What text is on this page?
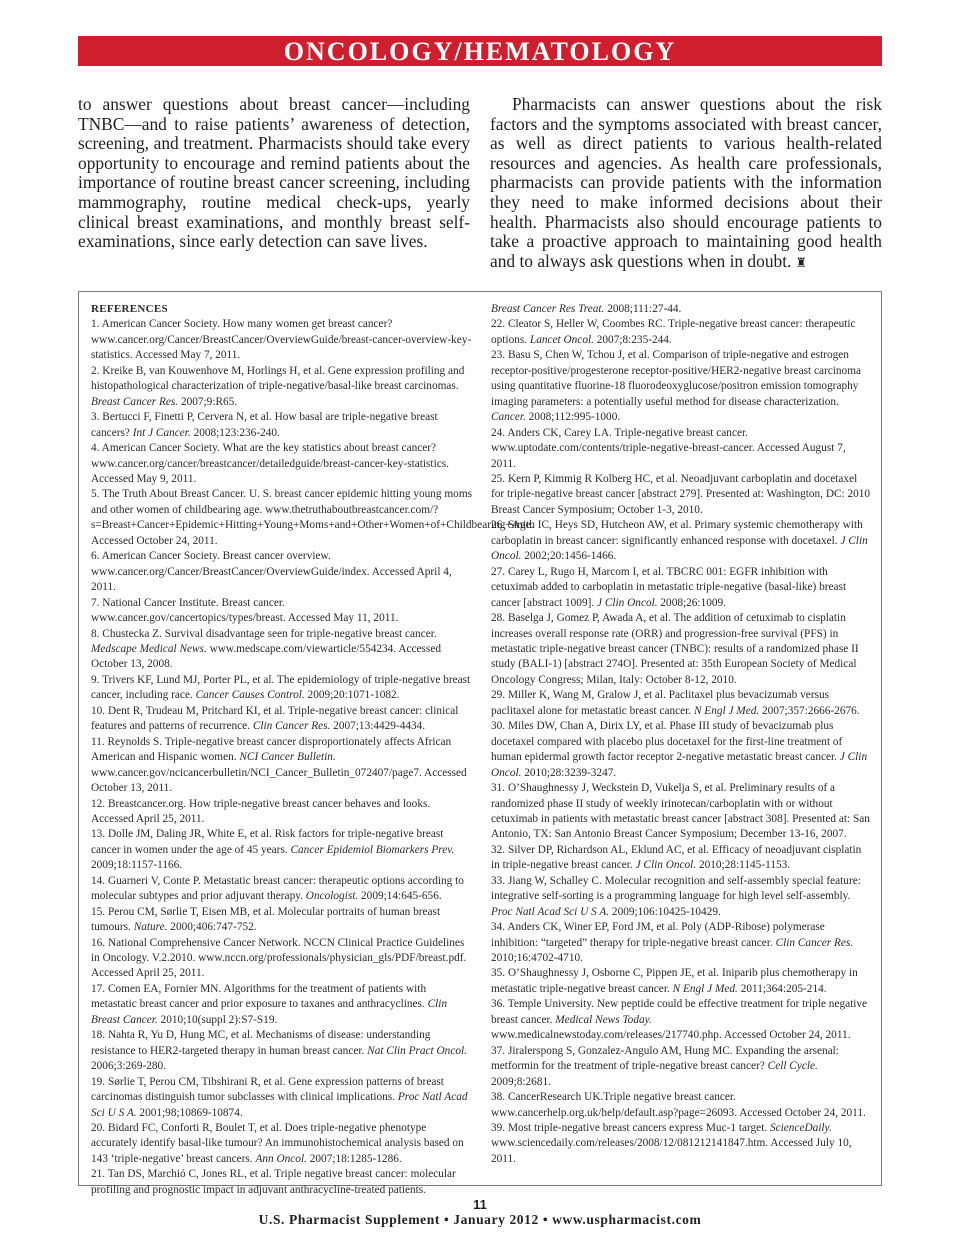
ONCOLOGY/HEMATOLOGY

to answer questions about breast cancer—including TNBC—and to raise patients’ awareness of detection, screening, and treatment. Pharmacists should take every opportunity to encourage and remind patients about the importance of routine breast cancer screening, including mammography, routine medical check-ups, yearly clinical breast examinations, and monthly breast self-examinations, since early detection can save lives.

Pharmacists can answer questions about the risk factors and the symptoms associated with breast cancer, as well as direct patients to various health-related resources and agencies. As health care professionals, pharmacists can provide patients with the information they need to make informed decisions about their health. Pharmacists also should encourage patients to take a proactive approach to maintaining good health and to always ask questions when in doubt. ♜

REFERENCES

1. American Cancer Society. How many women get breast cancer? www.cancer.org/Cancer/BreastCancer/OverviewGuide/breast-cancer-overview-key-statistics. Accessed May 7, 2011.

2. Kreike B, van Kouwenhove M, Horlings H, et al. Gene expression profiling and histopathological characterization of triple-negative/basal-like breast carcinomas. Breast Cancer Res. 2007;9:R65.

3. Bertucci F, Finetti P, Cervera N, et al. How basal are triple-negative breast cancers? Int J Cancer. 2008;123:236-240.

4. American Cancer Society. What are the key statistics about breast cancer? www.cancer.org/cancer/breastcancer/detailedguide/breast-cancer-key-statistics. Accessed May 9, 2011.

5. The Truth About Breast Cancer. U. S. breast cancer epidemic hitting young moms and other women of childbearing age. www.thetruthaboutbreastcancer.com/?s=Breast+Cancer+Epidemic+Hitting+Young+Moms+and+Other+Women+of+Childbearing+Age. Accessed October 24, 2011.

6. American Cancer Society. Breast cancer overview. www.cancer.org/Cancer/BreastCancer/OverviewGuide/index. Accessed April 4, 2011.

7. National Cancer Institute. Breast cancer. www.cancer.gov/cancertopics/types/breast. Accessed May 11, 2011.

8. Chustecka Z. Survival disadvantage seen for triple-negative breast cancer. Medscape Medical News. www.medscape.com/viewarticle/554234. Accessed October 13, 2008.

9. Trivers KF, Lund MJ, Porter PL, et al. The epidemiology of triple-negative breast cancer, including race. Cancer Causes Control. 2009;20:1071-1082.

10. Dent R, Trudeau M, Pritchard KI, et al. Triple-negative breast cancer: clinical features and patterns of recurrence. Clin Cancer Res. 2007;13:4429-4434.

11. Reynolds S. Triple-negative breast cancer disproportionately affects African American and Hispanic women. NCI Cancer Bulletin. www.cancer.gov/ncicancerbulletin/NCI_Cancer_Bulletin_072407/page7. Accessed October 13, 2011.

12. Breastcancer.org. How triple-negative breast cancer behaves and looks. Accessed April 25, 2011.

13. Dolle JM, Daling JR, White E, et al. Risk factors for triple-negative breast cancer in women under the age of 45 years. Cancer Epidemiol Biomarkers Prev. 2009;18:1157-1166.

14. Guarneri V, Conte P. Metastatic breast cancer: therapeutic options according to molecular subtypes and prior adjuvant therapy. Oncologist. 2009;14:645-656.

15. Perou CM, Sørlie T, Eisen MB, et al. Molecular portraits of human breast tumours. Nature. 2000;406:747-752.

16. National Comprehensive Cancer Network. NCCN Clinical Practice Guidelines in Oncology. V.2.2010. www.nccn.org/professionals/physician_gls/PDF/breast.pdf. Accessed April 25, 2011.

17. Comen EA, Fornier MN. Algorithms for the treatment of patients with metastatic breast cancer and prior exposure to taxanes and anthracyclines. Clin Breast Cancer. 2010;10(suppl 2):S7-S19.

18. Nahta R, Yu D, Hung MC, et al. Mechanisms of disease: understanding resistance to HER2-targeted therapy in human breast cancer. Nat Clin Pract Oncol. 2006;3:269-280.

19. Sørlie T, Perou CM, Tibshirani R, et al. Gene expression patterns of breast carcinomas distinguish tumor subclasses with clinical implications. Proc Natl Acad Sci U S A. 2001;98;10869-10874.

20. Bidard FC, Conforti R, Boulet T, et al. Does triple-negative phenotype accurately identify basal-like tumour? An immunohistochemical analysis based on 143 ‘triple-negative’ breast cancers. Ann Oncol. 2007;18:1285-1286.

21. Tan DS, Marchió C, Jones RL, et al. Triple negative breast cancer: molecular profiling and prognostic impact in adjuvant anthracycline-treated patients.

Breast Cancer Res Treat. 2008;111:27-44.

22. Cleator S, Heller W, Coombes RC. Triple-negative breast cancer: therapeutic options. Lancet Oncol. 2007;8:235-244.

23. Basu S, Chen W, Tchou J, et al. Comparison of triple-negative and estrogen receptor-positive/progesterone receptor-positive/HER2-negative breast carcinoma using quantitative fluorine-18 fluorodeoxyglucose/positron emission tomography imaging parameters: a potentially useful method for disease characterization. Cancer. 2008;112:995-1000.

24. Anders CK, Carey LA. Triple-negative breast cancer. www.uptodate.com/contents/triple-negative-breast-cancer. Accessed August 7, 2011.

25. Kern P, Kimmig R Kolberg HC, et al. Neoadjuvant carboplatin and docetaxel for triple-negative breast cancer [abstract 279]. Presented at: Washington, DC: 2010 Breast Cancer Symposium; October 1-3, 2010.

26. Smith IC, Heys SD, Hutcheon AW, et al. Primary systemic chemotherapy with carboplatin in breast cancer: significantly enhanced response with docetaxel. J Clin Oncol. 2002;20:1456-1466.

27. Carey L, Rugo H, Marcom I, et al. TBCRC 001: EGFR inhibition with cetuximab added to carboplatin in metastatic triple-negative (basal-like) breast cancer [abstract 1009]. J Clin Oncol. 2008;26:1009.

28. Baselga J, Gomez P, Awada A, et al. The addition of cetuximab to cisplatin increases overall response rate (ORR) and progression-free survival (PFS) in metastatic triple-negative breast cancer (TNBC): results of a randomized phase II study (BALI-1) [abstract 274O]. Presented at: 35th European Society of Medical Oncology Congress; Milan, Italy: October 8-12, 2010.

29. Miller K, Wang M, Gralow J, et al. Paclitaxel plus bevacizumab versus paclitaxel alone for metastatic breast cancer. N Engl J Med. 2007;357:2666-2676.

30. Miles DW, Chan A, Dirix LY, et al. Phase III study of bevacizumab plus docetaxel compared with placebo plus docetaxel for the first-line treatment of human epidermal growth factor receptor 2-negative metastatic breast cancer. J Clin Oncol. 2010;28:3239-3247.

31. O’Shaughnessy J, Weckstein D, Vukelja S, et al. Preliminary results of a randomized phase II study of weekly irinotecan/carboplatin with or without cetuximab in patients with metastatic breast cancer [abstract 308]. Presented at: San Antonio, TX: San Antonio Breast Cancer Symposium; December 13-16, 2007.

32. Silver DP, Richardson AL, Eklund AC, et al. Efficacy of neoadjuvant cisplatin in triple-negative breast cancer. J Clin Oncol. 2010;28:1145-1153.

33. Jiang W, Schalley C. Molecular recognition and self-assembly special feature: integrative self-sorting is a programming language for high level self-assembly. Proc Natl Acad Sci U S A. 2009;106:10425-10429.

34. Anders CK, Winer EP, Ford JM, et al. Poly (ADP-Ribose) polymerase inhibition: “targeted” therapy for triple-negative breast cancer. Clin Cancer Res. 2010;16:4702-4710.

35. O’Shaughnessy J, Osborne C, Pippen JE, et al. Iniparib plus chemotherapy in metastatic triple-negative breast cancer. N Engl J Med. 2011;364:205-214.

36. Temple University. New peptide could be effective treatment for triple negative breast cancer. Medical News Today. www.medicalnewstoday.com/releases/217740.php. Accessed October 24, 2011.

37. Jiralerspong S, Gonzalez-Angulo AM, Hung MC. Expanding the arsenal: metformin for the treatment of triple-negative breast cancer? Cell Cycle. 2009;8:2681.

38. CancerResearch UK.Triple negative breast cancer. www.cancerhelp.org.uk/help/default.asp?page=26093. Accessed October 24, 2011.

39. Most triple-negative breast cancers express Muc-1 target. ScienceDaily. www.sciencedaily.com/releases/2008/12/081212141847.htm. Accessed July 10, 2011.

11
U.S. Pharmacist Supplement • January 2012 • www.uspharmacist.com
